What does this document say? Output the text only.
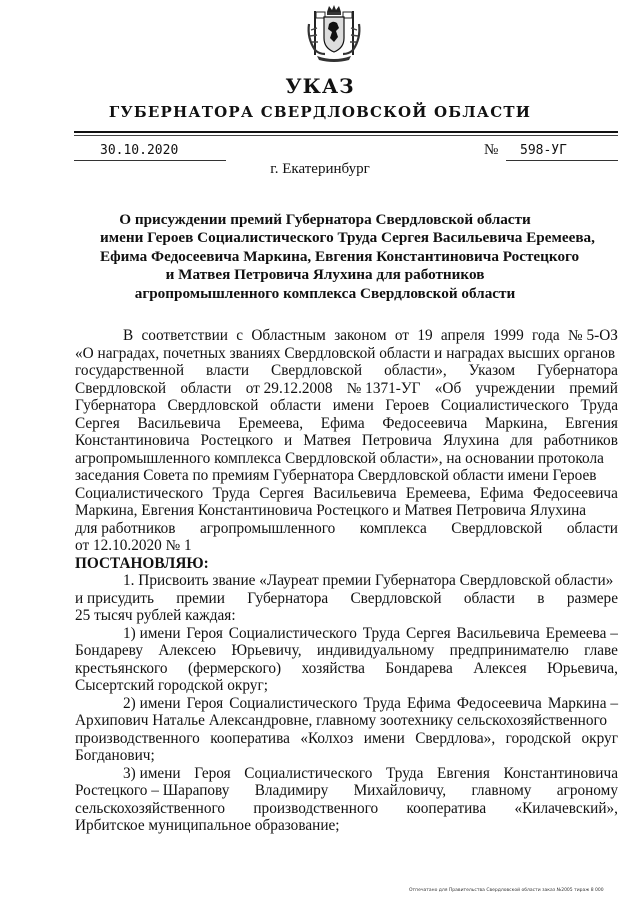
УКАЗ
ГУБЕРНАТОРА СВЕРДЛОВСКОЙ ОБЛАСТИ
30.10.2020	№ 598-УГ
г. Екатеринбург
О присуждении премий Губернатора Свердловской области
имени Героев Социалистического Труда Сергея Васильевича Еремеева,
Ефима Федосеевича Маркина, Евгения Константиновича Ростецкого
и Матвея Петровича Ялухина для работников
агропромышленного комплекса Свердловской области
В соответствии с Областным законом от 19 апреля 1999 года № 5-ОЗ
«О наградах, почетных званиях Свердловской области и наградах высших органов
государственной власти Свердловской области», Указом Губернатора
Свердловской области от 29.12.2008 № 1371-УГ «Об учреждении премий
Губернатора Свердловской области имени Героев Социалистического Труда
Сергея Васильевича Еремеева, Ефима Федосеевича Маркина, Евгения
Константиновича Ростецкого и Матвея Петровича Ялухина для работников
агропромышленного комплекса Свердловской области», на основании протокола
заседания Совета по премиям Губернатора Свердловской области имени Героев
Социалистического Труда Сергея Васильевича Еремеева, Ефима Федосеевича
Маркина, Евгения Константиновича Ростецкого и Матвея Петровича Ялухина
для работников агропромышленного комплекса Свердловской области
от 12.10.2020 № 1
ПОСТАНОВЛЯЮ:
1. Присвоить звание «Лауреат премии Губернатора Свердловской области»
и присудить премии Губернатора Свердловской области в размере
25 тысяч рублей каждая:
1) имени Героя Социалистического Труда Сергея Васильевича Еремеева –
Бондареву Алексею Юрьевичу, индивидуальному предпринимателю главе
крестьянского (фермерского) хозяйства Бондарева Алексея Юрьевича,
Сысертский городской округ;
2) имени Героя Социалистического Труда Ефима Федосеевича Маркина –
Архипович Наталье Александровне, главному зоотехнику сельскохозяйственного
производственного кооператива «Колхоз имени Свердлова», городской округ
Богданович;
3) имени Героя Социалистического Труда Евгения Константиновича
Ростецкого – Шарапову Владимиру Михайловичу, главному агроному
сельскохозяйственного производственного кооператива «Килачевский»,
Ирбитское муниципальное образование;
Отпечатано для Правительства Свердловской области заказ №2005 тираж 8 000
